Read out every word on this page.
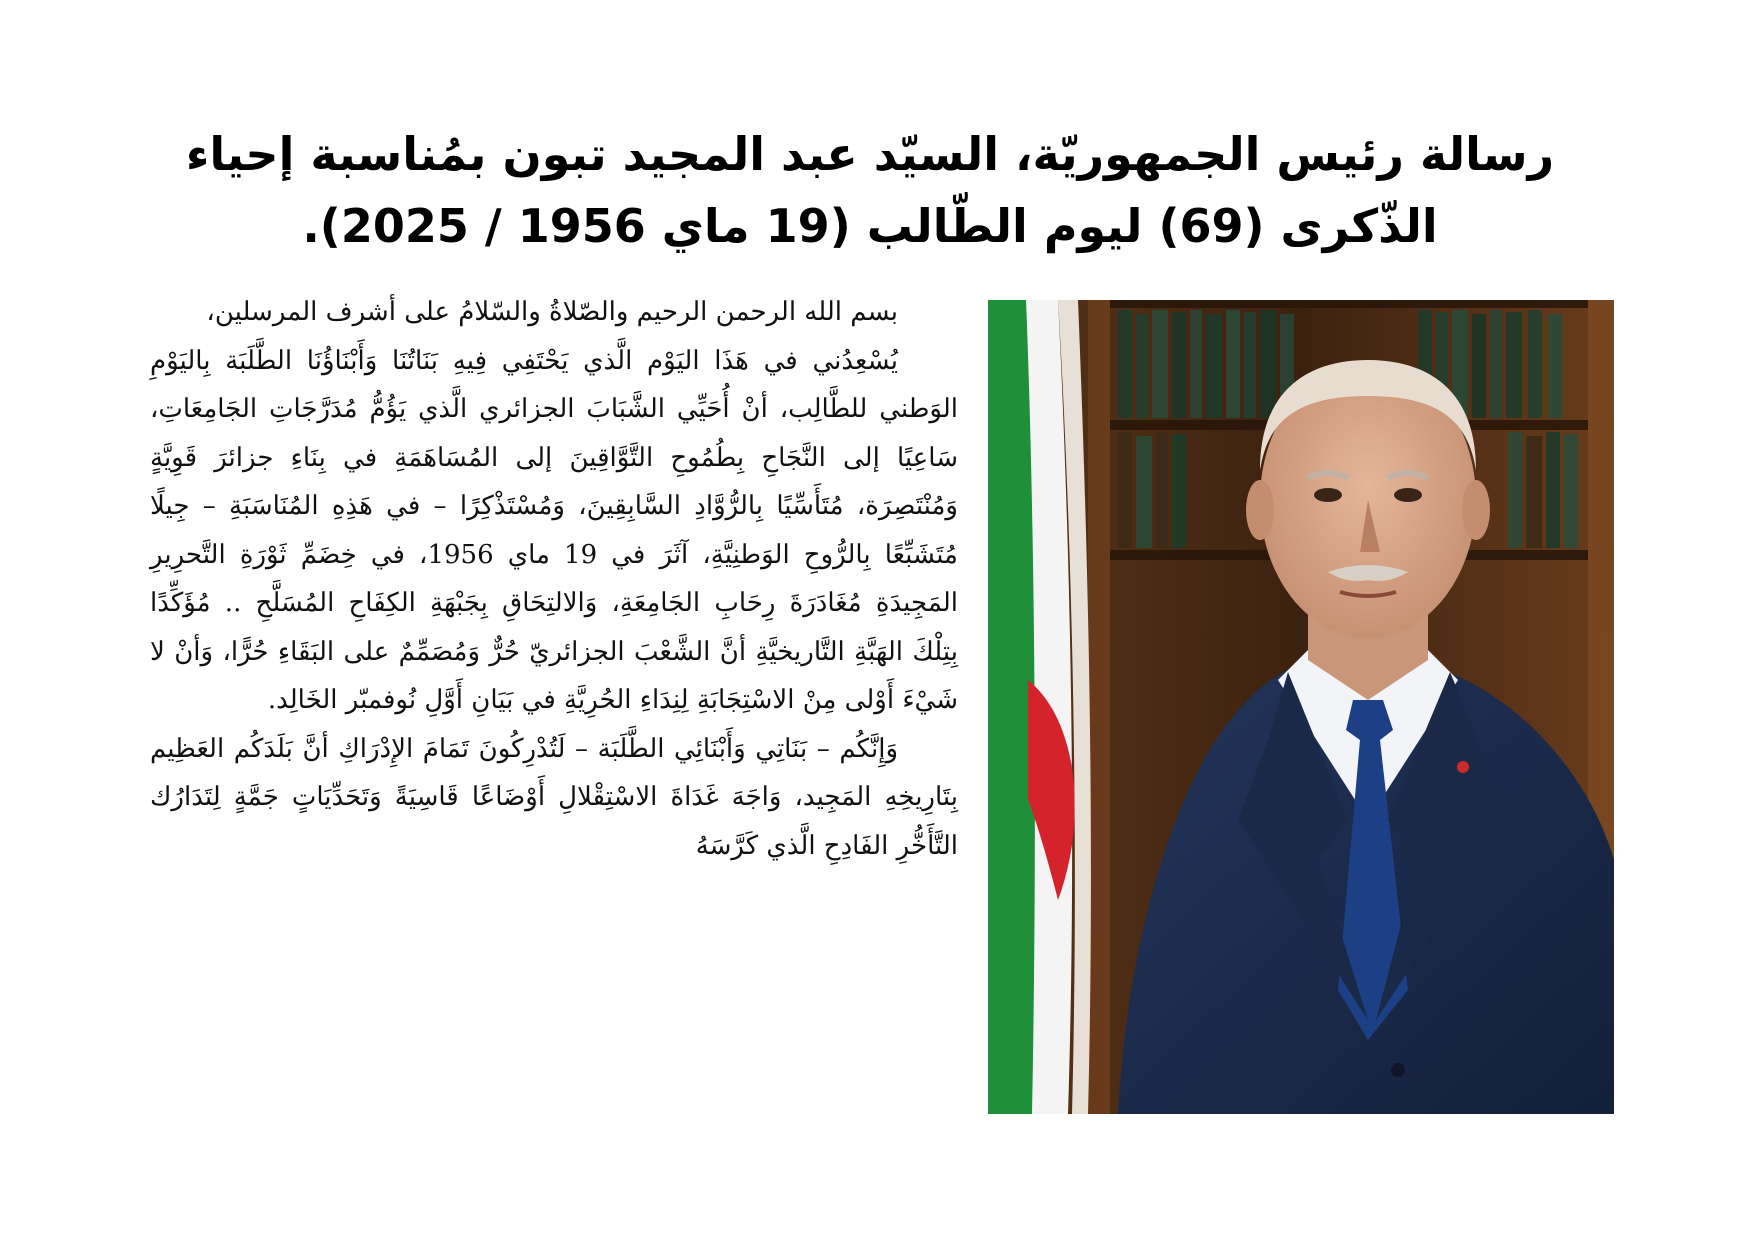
رسالة رئيس الجمهوريّة، السيّد عبد المجيد تبون بمُناسبة إحياء
الذّكرى (69) ليوم الطّالب (19 ماي 1956 / 2025).

بسم الله الرحمن الرحيم والصّلاةُ والسّلامُ على أشرف المرسلين،

يُسْعِدُني في هَذَا اليَوْم الَّذي يَحْتَفِي فِيهِ بَنَاتُنَا وَأَبْنَاؤُنَا الطَّلَبَة بِاليَوْمِ الوَطني للطَّالِب، أنْ أُحَيِّي الشَّبَابَ الجزائري الَّذي يَؤُمُّ مُدَرَّجَاتِ الجَامِعَاتِ، سَاعِيًا إلى النَّجَاحِ بِطُمُوحِ التَّوَّاقِينَ إلى المُسَاهَمَةِ في بِنَاءِ جزائرَ قَوِيَّةٍ وَمُنْتَصِرَة، مُتَأَسِّيًا بِالرُّوَّادِ السَّابِقِينَ، وَمُسْتَذْكِرًا – في هَذِهِ المُنَاسَبَةِ – جِيلًا مُتَشَبِّعًا بِالرُّوحِ الوَطنِيَّةِ، آثَرَ في 19 ماي 1956، في خِضَمِّ ثَوْرَةِ التَّحرِيرِ المَجِيدَةِ مُغَادَرَةَ رِحَابِ الجَامِعَةِ، وَالالتِحَاقِ بِجَبْهَةِ الكِفَاحِ المُسَلَّحِ .. مُؤَكِّدًا بِتِلْكَ الهَبَّةِ التَّاريخيَّةِ أنَّ الشَّعْبَ الجزائريّ حُرٌّ وَمُصَمِّمٌ على البَقَاءِ حُرًّا، وَأنْ لا شَيْءَ أَوْلى مِنْ الاسْتِجَابَةِ لِنِدَاءِ الحُرِيَّةِ في بَيَانِ أَوَّلِ نُوفمبّر الخَالِد.

وَإِنَّكُم – بَنَاتِي وَأَبْنَائِي الطَّلَبَة – لَتُدْرِكُونَ تَمَامَ الإِدْرَاكِ أنَّ بَلَدَكُم العَظِيم بِتَارِيخِهِ المَجِيد، وَاجَهَ غَدَاةَ الاسْتِقْلالِ أَوْضَاعًا قَاسِيَةً وَتَحَدِّيَاتٍ جَمَّةٍ لِتَدَارُك التَّأَخُّرِ الفَادِحِ الَّذي كَرَّسَهُ
